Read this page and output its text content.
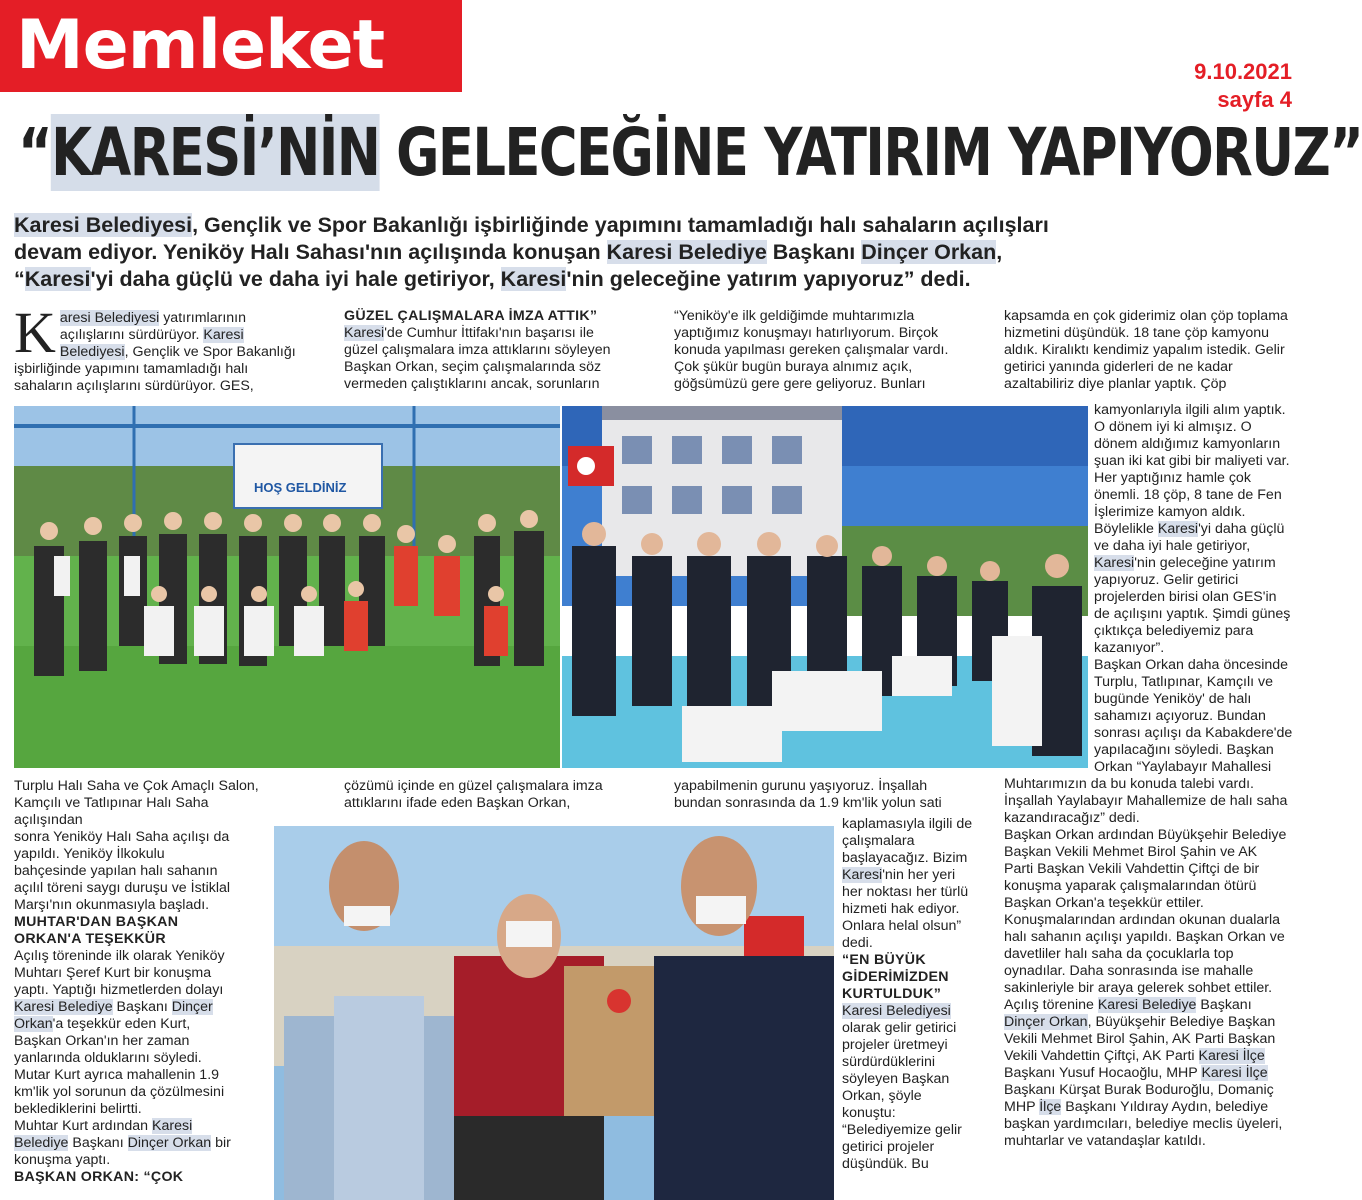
Memleket	9.10.2021
sayfa 4
“KARESİ’NİN GELECEĞİNE YATIRIM YAPIYORUZ”

Karesi Belediyesi, Gençlik ve Spor Bakanlığı işbirliğinde yapımını tamamladığı halı sahaların açılışları

devam ediyor. Yeniköy Halı Sahası'nın açılışında konuşan Karesi Belediye Başkanı Dinçer Orkan,

“Karesi'yi daha güçlü ve daha iyi hale getiriyor, Karesi'nin geleceğine yatırım yapıyoruz” dedi.

K aresi Belediyesi yatırımlarının

açılışlarını sürdürüyor. Karesi

Belediyesi, Gençlik ve Spor Bakanlığı

işbirliğinde yapımını tamamladığı halı

sahaların açılışlarını sürdürüyor. GES,

GÜZEL ÇALIŞMALARA İMZA ATTIK”

Karesi'de Cumhur İttifakı'nın başarısı ile

güzel çalışmalara imza attıklarını söyleyen

Başkan Orkan, seçim çalışmalarında söz

vermeden çalıştıklarını ancak, sorunların

“Yeniköy'e ilk geldiğimde muhtarımızla

yaptığımız konuşmayı hatırlıyorum. Birçok

konuda yapılması gereken çalışmalar vardı.

Çok şükür bugün buraya alnımız açık,

göğsümüzü gere gere geliyoruz. Bunları

kapsamda en çok giderimiz olan çöp toplama

hizmetini düşündük. 18 tane çöp kamyonu

aldık. Kiralıktı kendimiz yapalım istedik. Gelir

getirici yanında giderleri de ne kadar

azaltabiliriz diye planlar yaptık. Çöp

HOŞ GELDİNİZ

kamyonlarıyla ilgili alım yaptık.

O dönem iyi ki almışız. O

dönem aldığımız kamyonların

şuan iki kat gibi bir maliyeti var.

Her yaptığınız hamle çok

önemli. 18 çöp, 8 tane de Fen

İşlerimize kamyon aldık.

Böylelikle Karesi'yi daha güçlü

ve daha iyi hale getiriyor,

Karesi'nin geleceğine yatırım

yapıyoruz. Gelir getirici

projelerden birisi olan GES'in

de açılışını yaptık. Şimdi güneş

çıktıkça belediyemiz para

kazanıyor”.

Başkan Orkan daha öncesinde

Turplu, Tatlıpınar, Kamçılı ve

bugünde Yeniköy' de halı

sahamızı açıyoruz. Bundan

sonrası açılışı da Kabakdere'de

yapılacağını söyledi. Başkan

Orkan “Yaylabayır Mahallesi

Muhtarımızın da bu konuda talebi vardı.

İnşallah Yaylabayır Mahallemize de halı saha

kazandıracağız” dedi.

Başkan Orkan ardından Büyükşehir Belediye

Başkan Vekili Mehmet Birol Şahin ve AK

Parti Başkan Vekili Vahdettin Çiftçi de bir

konuşma yaparak çalışmalarından ötürü

Başkan Orkan'a teşekkür ettiler.

Konuşmalarından ardından okunan dualarla

halı sahanın açılışı yapıldı. Başkan Orkan ve

davetliler halı saha da çocuklarla top

oynadılar. Daha sonrasında ise mahalle

sakinleriyle bir araya gelerek sohbet ettiler.

Açılış törenine Karesi Belediye Başkanı

Dinçer Orkan, Büyükşehir Belediye Başkan

Vekili Mehmet Birol Şahin, AK Parti Başkan

Vekili Vahdettin Çiftçi, AK Parti Karesi İlçe

Başkanı Yusuf Hocaoğlu, MHP Karesi İlçe

Başkanı Kürşat Burak Boduroğlu, Domaniç

MHP İlçe Başkanı Yıldıray Aydın, belediye

başkan yardımcıları, belediye meclis üyeleri,

muhtarlar ve vatandaşlar katıldı.

Turplu Halı Saha ve Çok Amaçlı Salon,

Kamçılı ve Tatlıpınar Halı Saha açılışından

sonra Yeniköy Halı Saha açılışı da

yapıldı. Yeniköy İlkokulu

bahçesinde yapılan halı sahanın

açılıl töreni saygı duruşu ve İstiklal

Marşı'nın okunmasıyla başladı.

MUHTAR'DAN BAŞKAN

ORKAN'A TEŞEKKÜR

Açılış töreninde ilk olarak Yeniköy

Muhtarı Şeref Kurt bir konuşma

yaptı. Yaptığı hizmetlerden dolayı

Karesi Belediye Başkanı Dinçer

Orkan'a teşekkür eden Kurt,

Başkan Orkan'ın her zaman

yanlarında olduklarını söyledi.

Mutar Kurt ayrıca mahallenin 1.9

km'lik yol sorunun da çözülmesini

beklediklerini belirtti.

Muhtar Kurt ardından Karesi

Belediye Başkanı Dinçer Orkan bir

konuşma yaptı.

BAŞKAN ORKAN: “ÇOK

çözümü içinde en güzel çalışmalara imza

attıklarını ifade eden Başkan Orkan,

yapabilmenin gurunu yaşıyoruz. İnşallah

bundan sonrasında da 1.9 km'lik yolun sati

kaplamasıyla ilgili de

çalışmalara

başlayacağız. Bizim

Karesi'nin her yeri

her noktası her türlü

hizmeti hak ediyor.

Onlara helal olsun”

dedi.

“EN BÜYÜK

GİDERİMİZDEN

KURTULDUK”

Karesi Belediyesi

olarak gelir getirici

projeler üretmeyi

sürdürdüklerini

söyleyen Başkan

Orkan, şöyle

konuştu:

“Belediyemize gelir

getirici projeler

düşündük. Bu
